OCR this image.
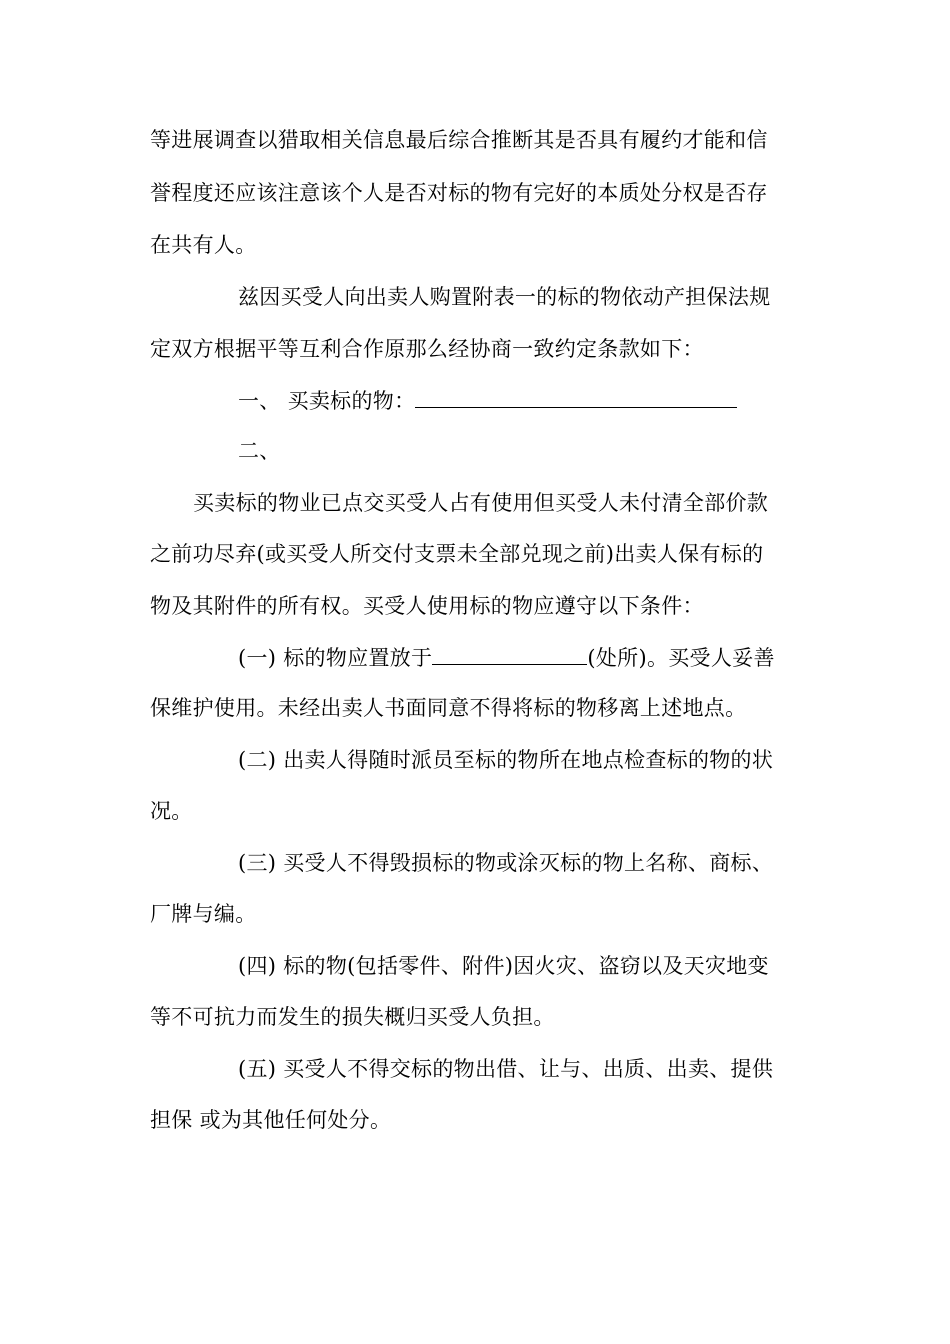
等进展调查以猎取相关信息最后综合推断其是否具有履约才能和信
誉程度还应该注意该个人是否对标的物有完好的本质处分权是否存
在共有人。
兹因买受人向出卖人购置附表一的标的物依动产担保法规
定双方根据平等互利合作原那么经协商一致约定条款如下：
一、 买卖标的物：
二、
买卖标的物业已点交买受人占有使用但买受人未付清全部价款
之前功尽弃(或买受人所交付支票未全部兑现之前)出卖人保有标的
物及其附件的所有权。买受人使用标的物应遵守以下条件：
(一) 标的物应置放于	(处所)。买受人妥善
保维护使用。未经出卖人书面同意不得将标的物移离上述地点。
(二) 出卖人得随时派员至标的物所在地点检查标的物的状
况。
(三) 买受人不得毁损标的物或涂灭标的物上名称、商标、
厂牌与编。
(四) 标的物(包括零件、附件)因火灾、盗窃以及天灾地变
等不可抗力而发生的损失概归买受人负担。
(五) 买受人不得交标的物出借、让与、出质、出卖、提供
担保 或为其他任何处分。
